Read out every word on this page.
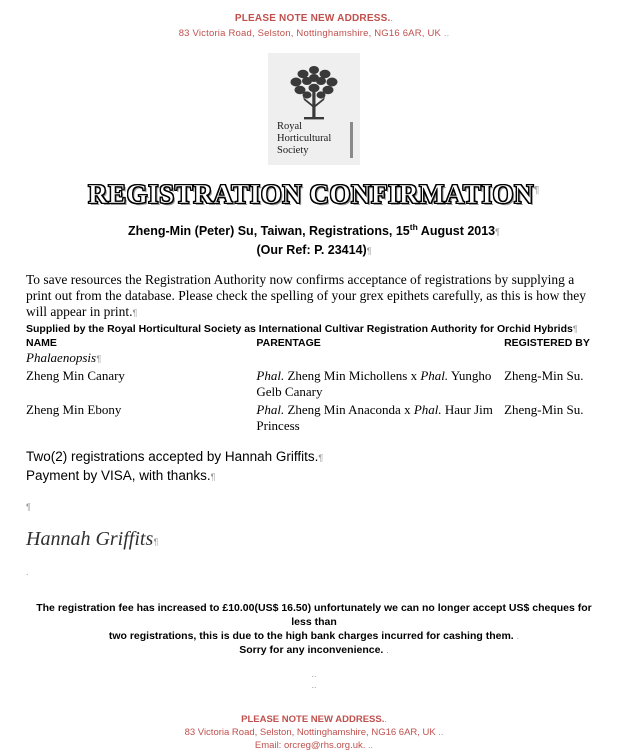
PLEASE NOTE NEW ADDRESS..
83 Victoria Road, Selston, Nottinghamshire, NG16 6AR, UK ..
Royal
Horticultural
Society
REGISTRATION CONFIRMATION¶
Zheng-Min (Peter) Su, Taiwan, Registrations, 15th August 2013¶
(Our Ref: P. 23414)¶
To save resources the Registration Authority now confirms acceptance of registrations by supplying a print out from the database. Please check the spelling of your grex epithets carefully, as this is how they will appear in print.¶
Supplied by the Royal Horticultural Society as International Cultivar Registration Authority for Orchid Hybrids¶
NAME	PARENTAGE	REGISTERED BY
Phalaenopsis¶		
Zheng Min Canary	Phal. Zheng Min Michollens x Phal. Yungho Gelb Canary	Zheng-Min Su.
Zheng Min Ebony	Phal. Zheng Min Anaconda x Phal. Haur Jim Princess	Zheng-Min Su.
Two(2) registrations accepted by Hannah Griffits.¶
Payment by VISA, with thanks.¶
¶
Hannah Griffits¶
.
The registration fee has increased to £10.00(US$ 16.50) unfortunately we can no longer accept US$ cheques for less than
two registrations, this is due to the high bank charges incurred for cashing them. .
Sorry for any inconvenience. .
..
..
PLEASE NOTE NEW ADDRESS..
83 Victoria Road, Selston, Nottinghamshire, NG16 6AR, UK ..
Email: orcreg@rhs.org.uk. ..
